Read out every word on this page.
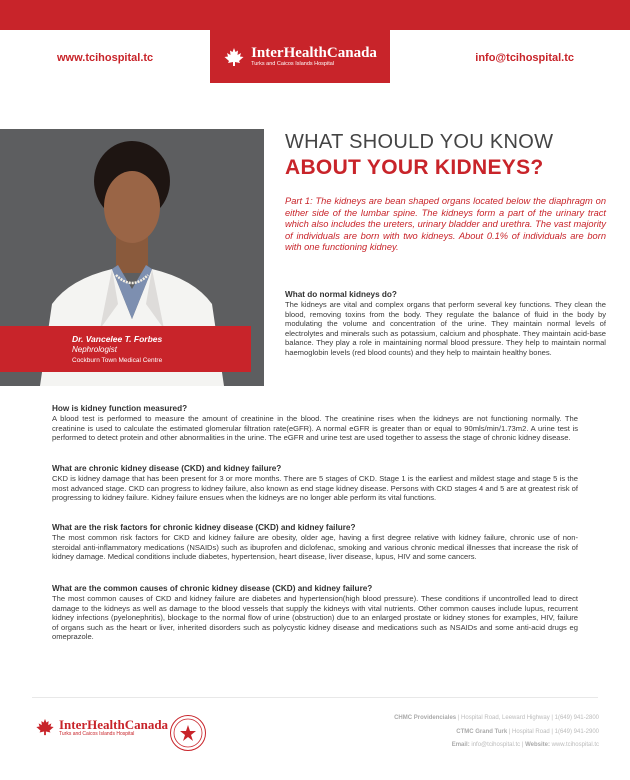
InterHealthCanada
Turks and Caicos Islands Hospital
www.tcihospital.tc	info@tcihospital.tc
Dr. Vancelee T. Forbes
Nephrologist
Cockburn Town Medical Centre
WHAT SHOULD YOU KNOW
ABOUT YOUR KIDNEYS?
Part 1: The kidneys are bean shaped organs located below the diaphragm on either side of the lumbar spine. The kidneys form a part of the urinary tract which also includes the ureters, urinary bladder and urethra. The vast majority of individuals are born with two kidneys. About 0.1% of individuals are born with one functioning kidney.
What do normal kidneys do?
The kidneys are vital and complex organs that perform several key functions. They clean the blood, removing toxins from the body. They regulate the balance of fluid in the body by modulating the volume and concentration of the urine. They maintain normal levels of electrolytes and minerals such as potassium, calcium and phosphate. They maintain acid-base balance. They play a role in maintaining normal blood pressure. They help to maintain normal haemoglobin levels (red blood counts) and they help to maintain healthy bones.
How is kidney function measured?
A blood test is performed to measure the amount of creatinine in the blood. The creatinine rises when the kidneys are not functioning normally. The creatinine is used to calculate the estimated glomerular filtration rate(eGFR). A normal eGFR is greater than or equal to 90mls/min/1.73m2. A urine test is performed to detect protein and other abnormalities in the urine. The eGFR and urine test are used together to assess the stage of chronic kidney disease.
What are chronic kidney disease (CKD) and kidney failure?
CKD is kidney damage that has been present for 3 or more months. There are 5 stages of CKD. Stage 1 is the earliest and mildest stage and stage 5 is the most advanced stage. CKD can progress to kidney failure, also known as end stage kidney disease. Persons with CKD stages 4 and 5 are at greatest risk of progressing to kidney failure. Kidney failure ensues when the kidneys are no longer able perform its vital functions.
What are the risk factors for chronic kidney disease (CKD) and kidney failure?
The most common risk factors for CKD and kidney failure are obesity, older age, having a first degree relative with kidney failure, chronic use of non-steroidal anti-inflammatory medications (NSAIDs) such as ibuprofen and diclofenac, smoking and various chronic medical illnesses that increase the risk of kidney damage. Medical conditions include diabetes, hypertension, heart disease, liver disease, lupus, HIV and some cancers.
What are the common causes of chronic kidney disease (CKD) and kidney failure?
The most common causes of CKD and kidney failure are diabetes and hypertension(high blood pressure). These conditions if uncontrolled lead to direct damage to the kidneys as well as damage to the blood vessels that supply the kidneys with vital nutrients. Other common causes include lupus, recurrent kidney infections (pyelonephritis), blockage to the normal flow of urine (obstruction) due to an enlarged prostate or kidney stones for examples, HIV, failure of organs such as the heart or liver, inherited disorders such as polycystic kidney disease and medications such as NSAIDs and some anti-acid drugs eg omeprazole.
InterHealthCanada
Turks and Caicos Islands Hospital
CHMC Providenciales | Hospital Road, Leeward Highway | 1(649) 941-2800
CTMC Grand Turk | Hospital Road | 1(649) 941-2900
Email: info@tcihospital.tc | Website: www.tcihospital.tc
